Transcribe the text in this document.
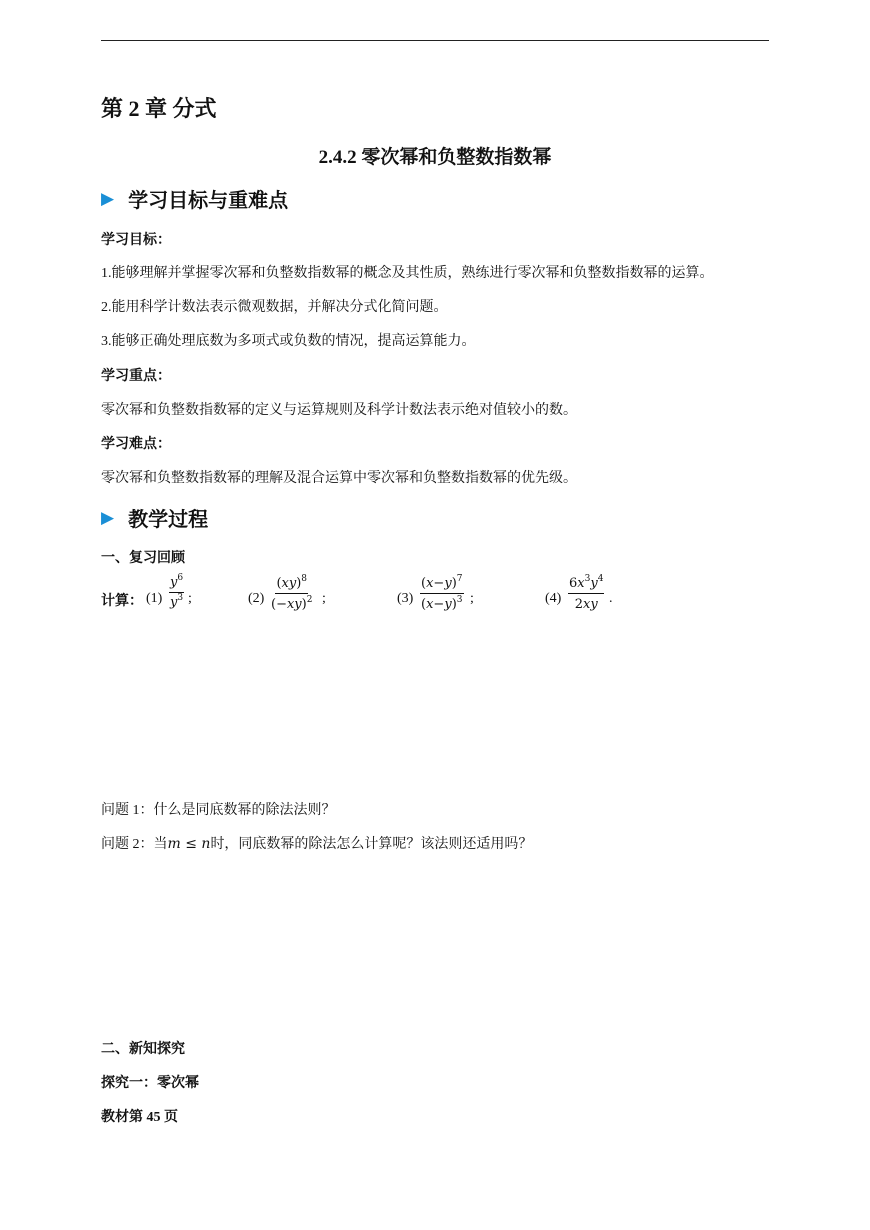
第 2 章 分式
2.4.2 零次幂和负整数指数幂
▶ 学习目标与重难点
学习目标：
1.能够理解并掌握零次幂和负整数指数幂的概念及其性质，熟练进行零次幂和负整数指数幂的运算。
2.能用科学计数法表示微观数据，并解决分式化简问题。
3.能够正确处理底数为多项式或负数的情况，提高运算能力。
学习重点：
零次幂和负整数指数幂的定义与运算规则及科学计数法表示绝对值较小的数。
学习难点：
零次幂和负整数指数幂的理解及混合运算中零次幂和负整数指数幂的优先级。
▶ 教学过程
一、复习回顾
计算： $(1) \frac{y^6}{y^3}$ ;	$(2) \frac{(xy)^8}{(-xy)^2}$ ;	$(3) \frac{(x-y)^7}{(x-y)^3}$ ;	$(4) \frac{6x^3y^4}{2xy}$ .
问题 1：什么是同底数幂的除法法则？
问题 2：当m ≤ n时，同底数幂的除法怎么计算呢？该法则还适用吗？
二、新知探究
探究一：零次幂
教材第 45 页
